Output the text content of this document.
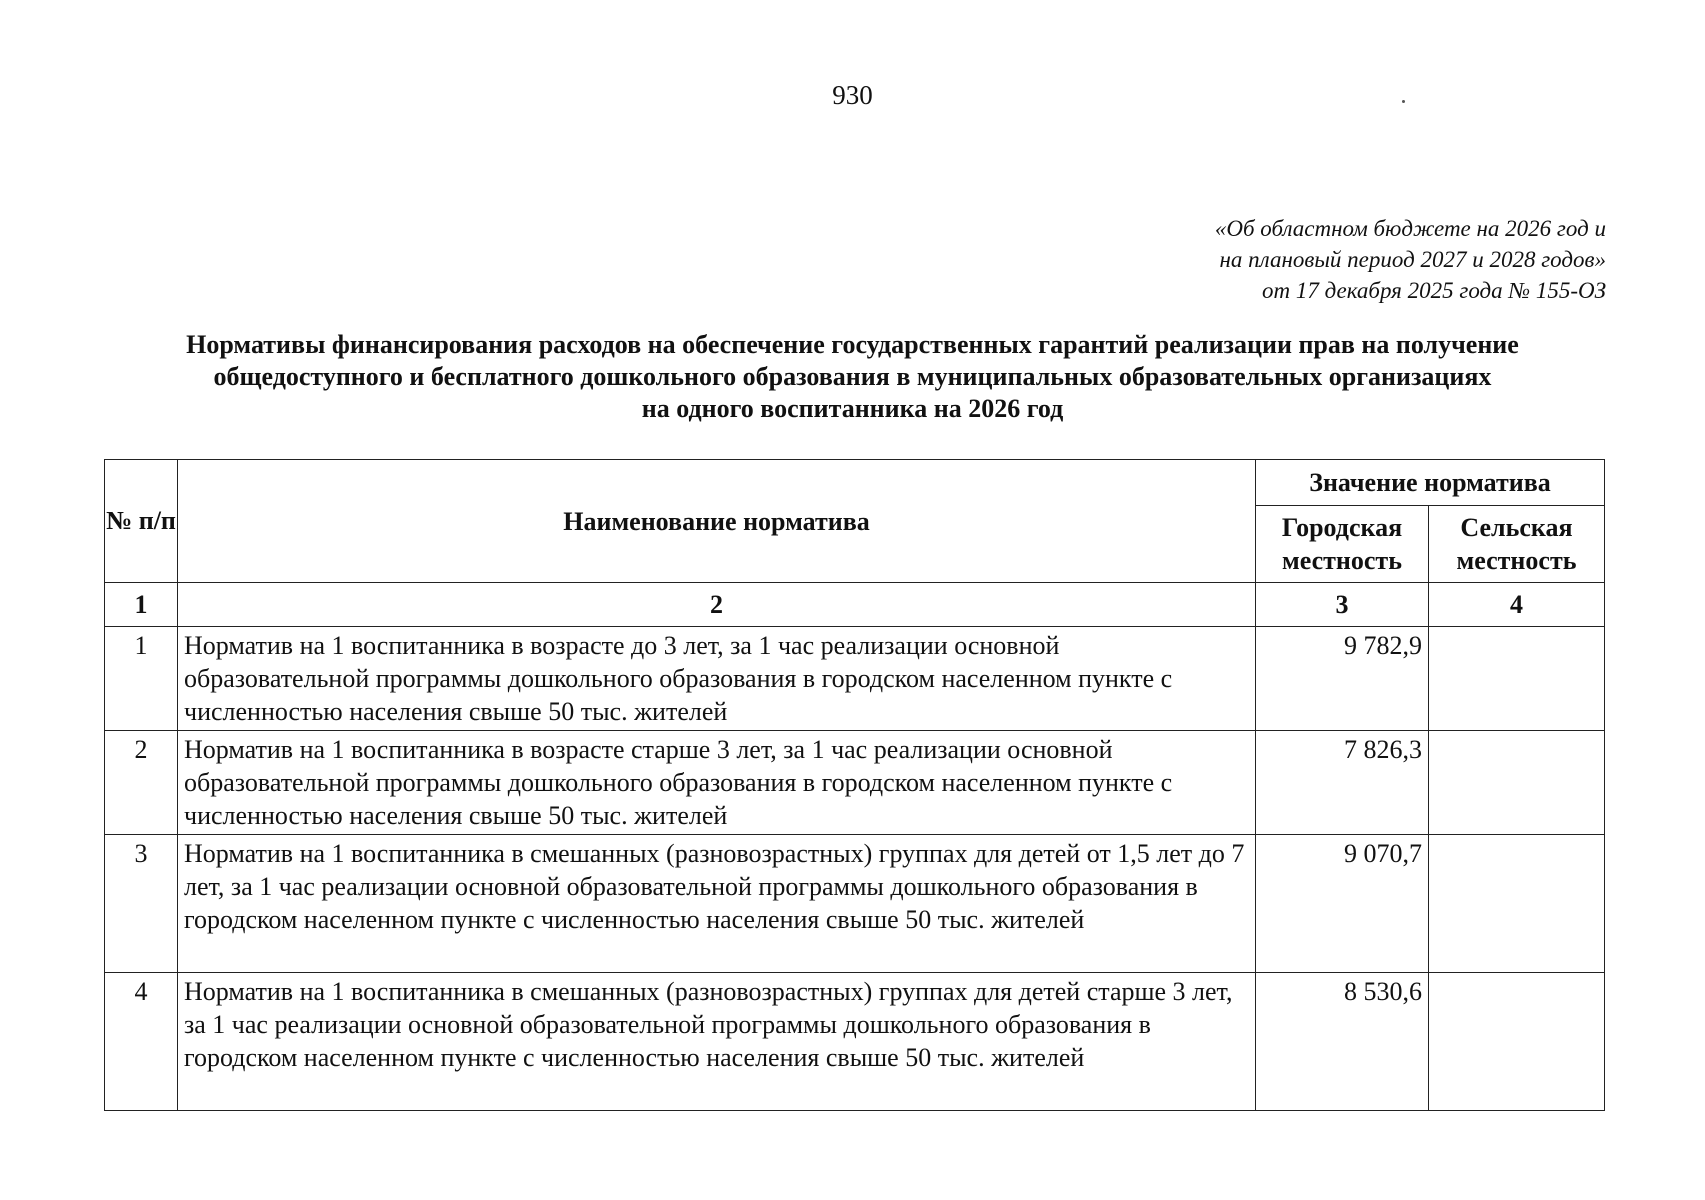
930
«Об областном бюджете на 2026 год и
на плановый период 2027 и 2028 годов»
от 17 декабря 2025 года № 155-ОЗ
Нормативы финансирования расходов на обеспечение государственных гарантий реализации прав на получение
общедоступного и бесплатного дошкольного образования в муниципальных образовательных организациях
на одного воспитанника на 2026 год
№ п/п	Наименование норматива	Значение норматива	
		Городская местность	Сельская местность
1	2	3	4
1	Норматив на 1 воспитанника в возрасте до 3 лет, за 1 час реализации основной образовательной программы дошкольного образования в городском населенном пункте с численностью населения свыше 50 тыс. жителей	9 782,9	
2	Норматив на 1 воспитанника в возрасте старше 3 лет, за 1 час реализации основной образовательной программы дошкольного образования в городском населенном пункте с численностью населения свыше 50 тыс. жителей	7 826,3	
3	Норматив на 1 воспитанника в смешанных (разновозрастных) группах для детей от 1,5 лет до 7 лет, за 1 час реализации основной образовательной программы дошкольного образования в городском населенном пункте с численностью населения свыше 50 тыс. жителей	9 070,7	
4	Норматив на 1 воспитанника в смешанных (разновозрастных) группах для детей старше 3 лет, за 1 час реализации основной образовательной программы дошкольного образования в городском населенном пункте с численностью населения свыше 50 тыс. жителей	8 530,6	
